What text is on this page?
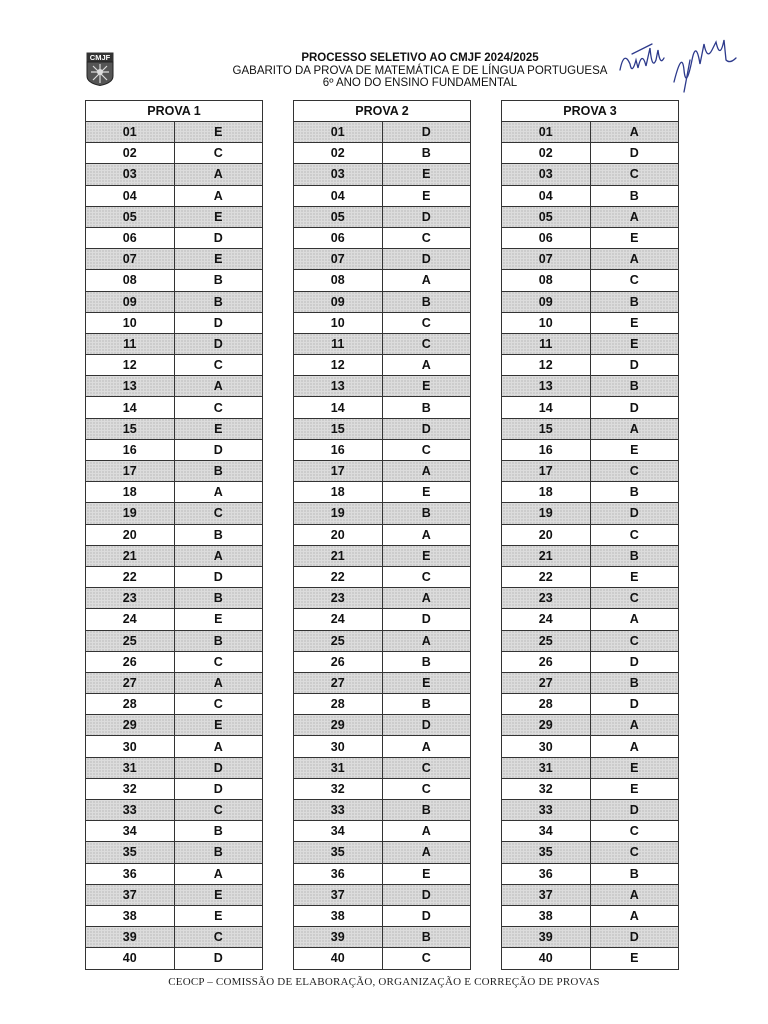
CMJF	PROCESSO SELETIVO AO CMJF 2024/2025
GABARITO DA PROVA DE MATEMÁTICA E DE LÍNGUA PORTUGUESA
6º ANO DO ENSINO FUNDAMENTAL
PROVA 1	
01	E
02	C
03	A
04	A
05	E
06	D
07	E
08	B
09	B
10	D
11	D
12	C
13	A
14	C
15	E
16	D
17	B
18	A
19	C
20	B
21	A
22	D
23	B
24	E
25	B
26	C
27	A
28	C
29	E
30	A
31	D
32	D
33	C
34	B
35	B
36	A
37	E
38	E
39	C
40	D
PROVA 2	
01	D
02	B
03	E
04	E
05	D
06	C
07	D
08	A
09	B
10	C
11	C
12	A
13	E
14	B
15	D
16	C
17	A
18	E
19	B
20	A
21	E
22	C
23	A
24	D
25	A
26	B
27	E
28	B
29	D
30	A
31	C
32	C
33	B
34	A
35	A
36	E
37	D
38	D
39	B
40	C
PROVA 3	
01	A
02	D
03	C
04	B
05	A
06	E
07	A
08	C
09	B
10	E
11	E
12	D
13	B
14	D
15	A
16	E
17	C
18	B
19	D
20	C
21	B
22	E
23	C
24	A
25	C
26	D
27	B
28	D
29	A
30	A
31	E
32	E
33	D
34	C
35	C
36	B
37	A
38	A
39	D
40	E
CEOCP – COMISSÃO DE ELABORAÇÃO, ORGANIZAÇÃO E CORREÇÃO DE PROVAS
